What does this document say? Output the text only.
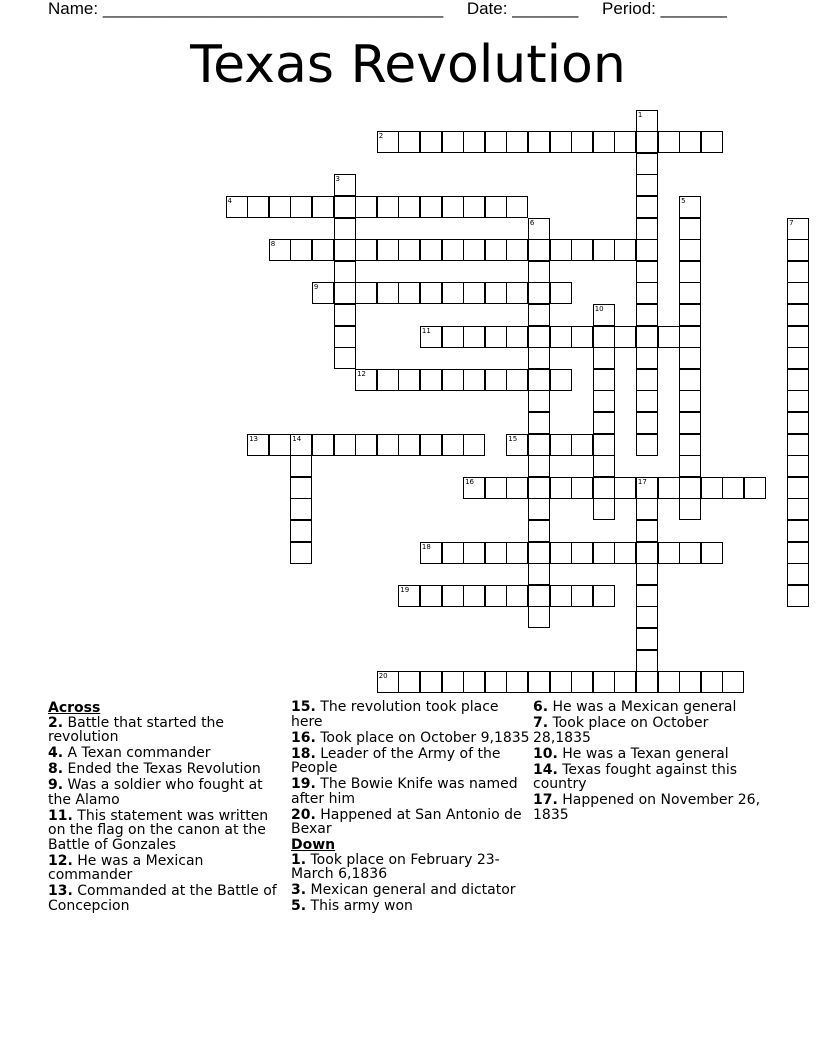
Name: ____________________________________ Date: _______ Period: _______
Texas Revolution
2
4
8
9
11
12
13	14	15
16	17
18
19
20
1
3
5
6	7
10
Across
2. Battle that started the revolution
4. A Texan commander
8. Ended the Texas Revolution
9. Was a soldier who fought at the Alamo
11. This statement was written on the flag on the canon at the Battle of Gonzales
12. He was a Mexican commander
13. Commanded at the Battle of Concepcion
15. The revolution took place here
16. Took place on October 9,1835
18. Leader of the Army of the People
19. The Bowie Knife was named after him
20. Happened at San Antonio de Bexar
Down
1. Took place on February 23- March 6,1836
3. Mexican general and dictator
5. This army won
6. He was a Mexican general
7. Took place on October 28,1835
10. He was a Texan general
14. Texas fought against this country
17. Happened on November 26, 1835
